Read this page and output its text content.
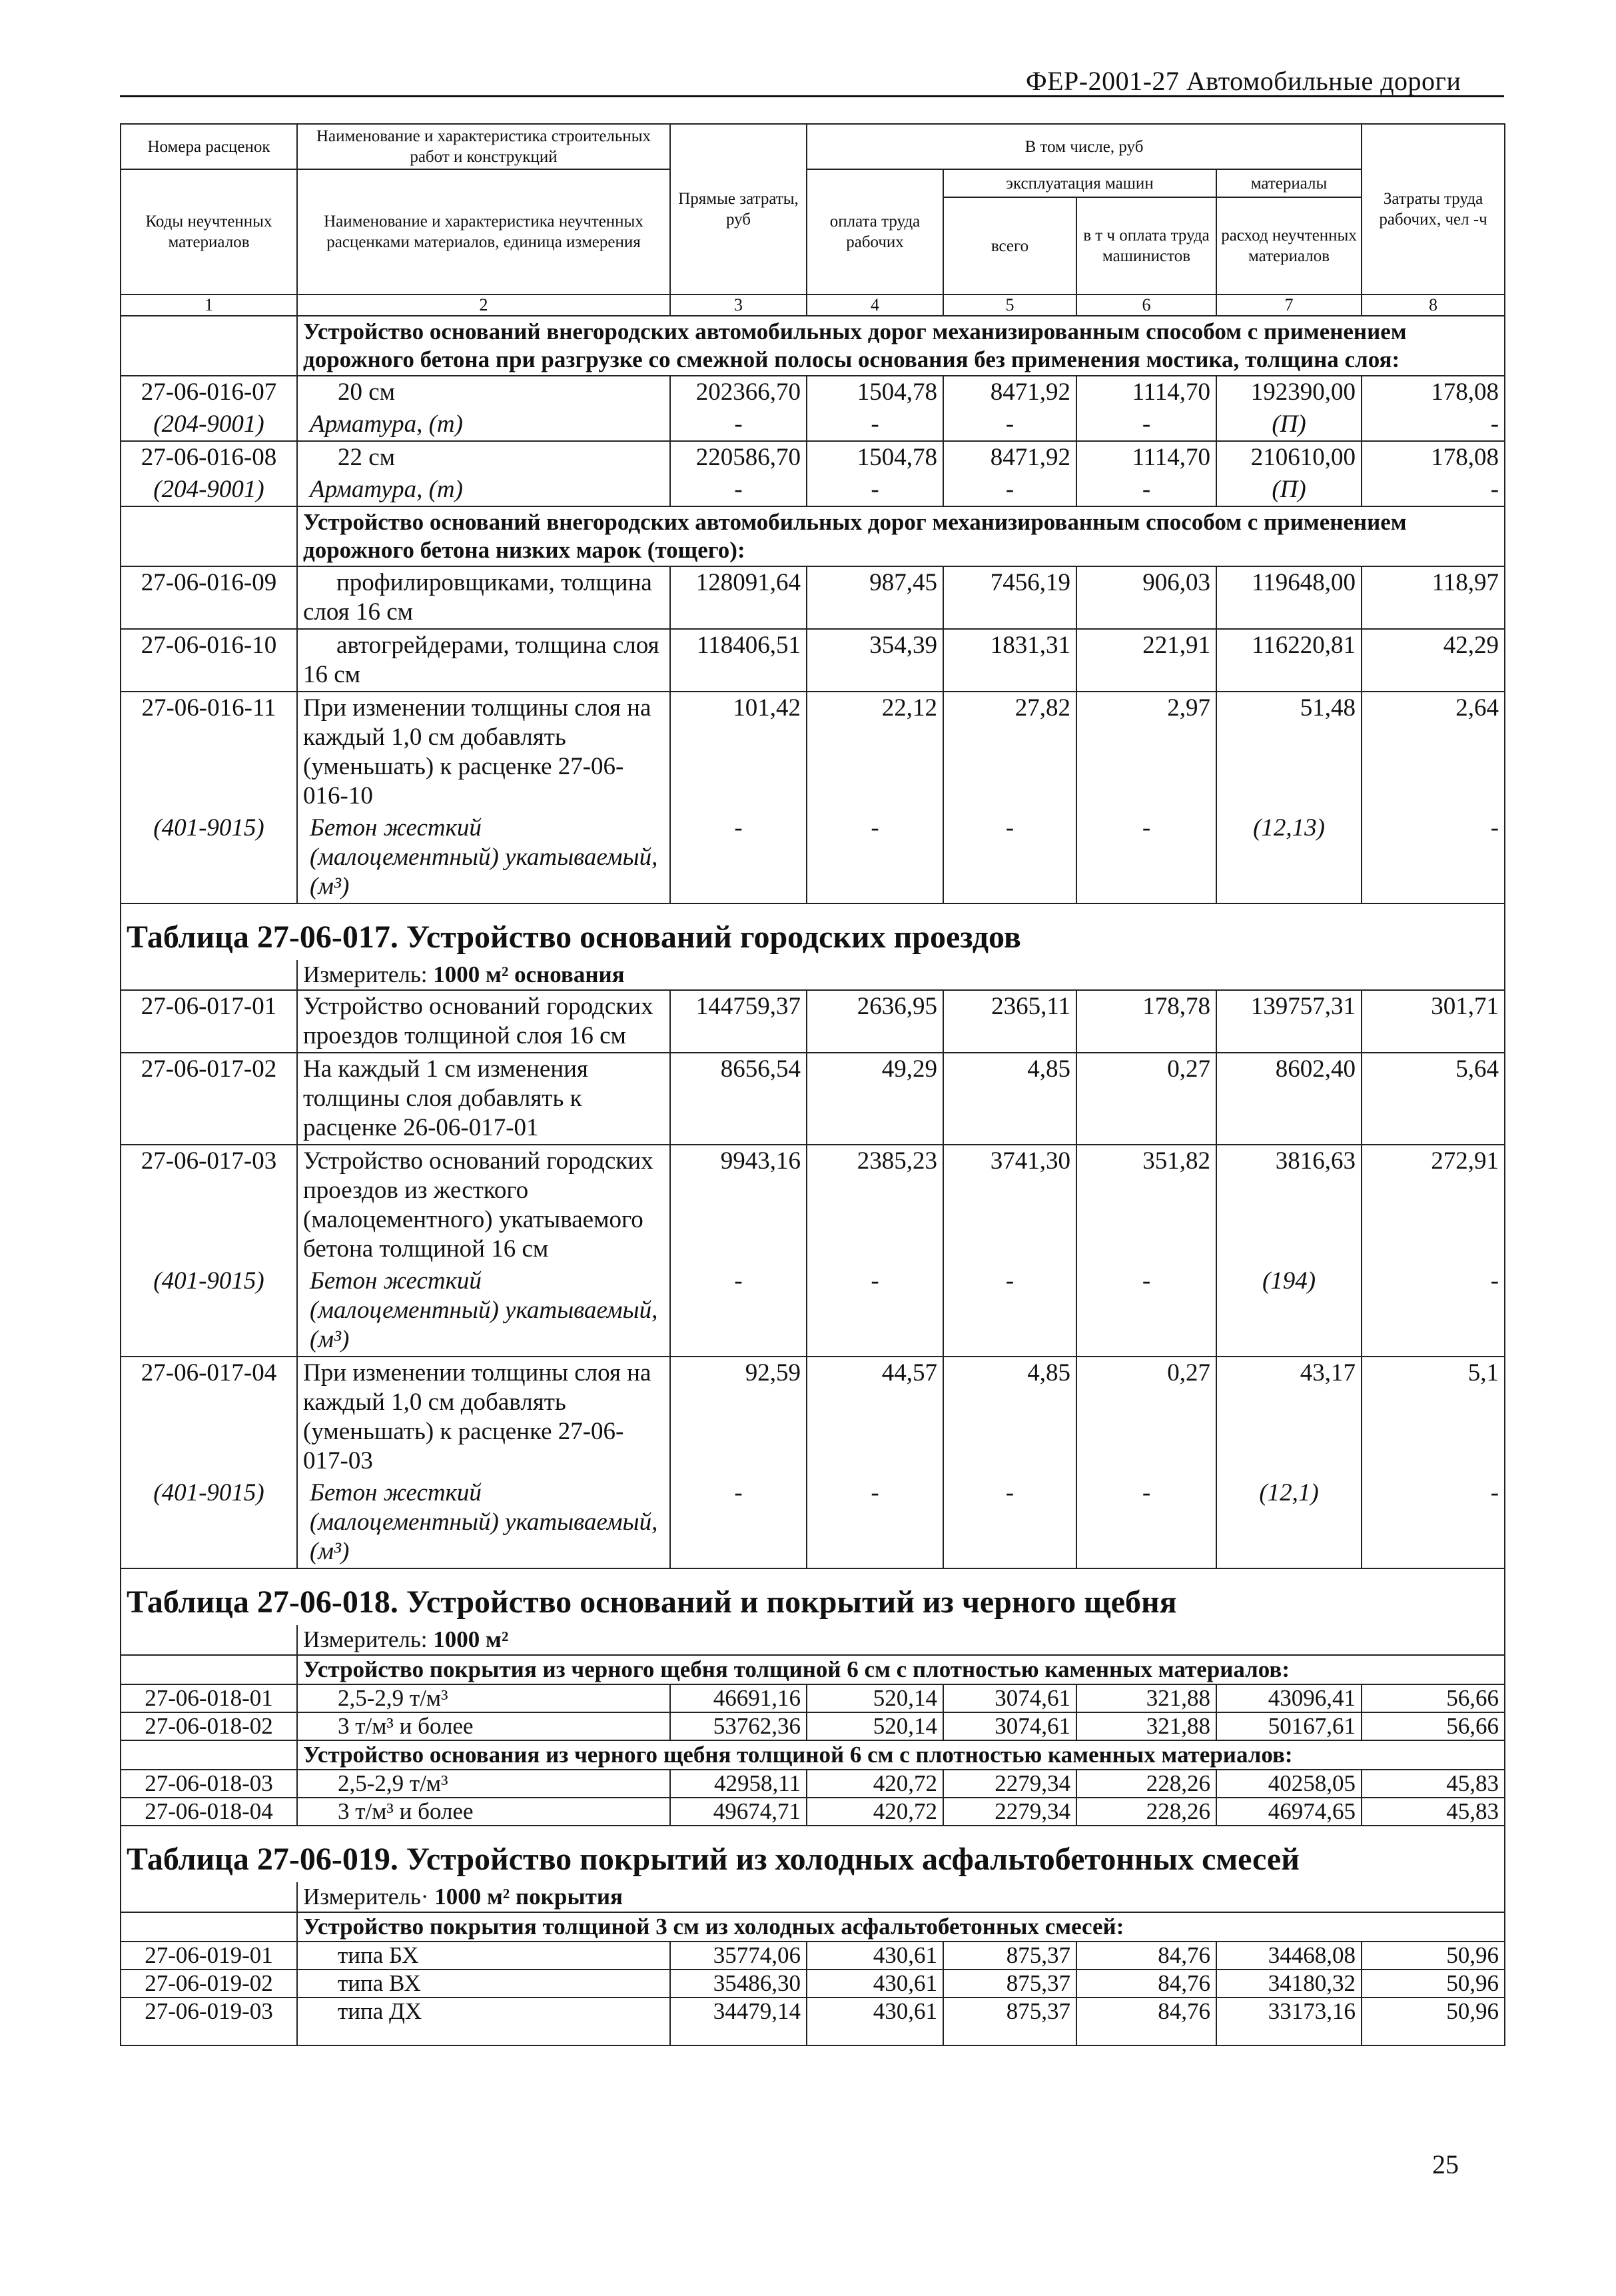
ФЕР-2001-27 Автомобильные дороги
Номера расценок	Наименование и характеристика строительных работ и конструкций	Прямые затраты, руб	В том числе, руб				Затраты труда рабочих, чел -ч
Коды неучтенных материалов	Наименование и характеристика неучтенных расценками материалов, единица измерения		оплата труда рабочих	эксплуатация машин		материалы	
				всего	в т ч оплата труда машинистов	расход неучтенных материалов	
1	2	3	4	5	6	7	8

	Устройство оснований внегородских автомобильных дорог механизированным способом с применением
дорожного бетона при разгрузке со смежной полосы основания без применения мостика, толщина слоя:						

27-06-016-07	20 см	202366,70	1504,78	8471,92	1114,70	192390,00	178,08
(204-9001)	Арматура, (т)	-	-	-	-	(П)	-
27-06-016-08	22 см	220586,70	1504,78	8471,92	1114,70	210610,00	178,08
(204-9001)	Арматура, (т)	-	-	-	-	(П)	-

	Устройство оснований внегородских автомобильных дорог механизированным способом с применением
дорожного бетона низких марок (тощего):						

27-06-016-09	профилировщиками, толщина слоя 16 см	128091,64	987,45	7456,19	906,03	119648,00	118,97
27-06-016-10	автогрейдерами, толщина слоя 16 см	118406,51	354,39	1831,31	221,91	116220,81	42,29
27-06-016-11	При изменении толщины слоя на каждый 1,0 см добавлять (уменьшать) к расценке 27-06-016-10	101,42	22,12	27,82	2,97	51,48	2,64
(401-9015)	Бетон жесткий (малоцементный) укатываемый, (м³)	-	-	-	-	(12,13)	-
Таблица 27-06-017. Устройство оснований городских проездов							
	Измеритель: 1000 м² основания						
27-06-017-01	Устройство оснований городских проездов толщиной слоя 16 см	144759,37	2636,95	2365,11	178,78	139757,31	301,71
27-06-017-02	На каждый 1 см изменения толщины слоя добавлять к расценке 26-06-017-01	8656,54	49,29	4,85	0,27	8602,40	5,64
27-06-017-03	Устройство оснований городских проездов из жесткого (малоцементного) укатываемого бетона толщиной 16 см	9943,16	2385,23	3741,30	351,82	3816,63	272,91
(401-9015)	Бетон жесткий (малоцементный) укатываемый, (м³)	-	-	-	-	(194)	-
27-06-017-04	При изменении толщины слоя на каждый 1,0 см добавлять (уменьшать) к расценке 27-06-017-03	92,59	44,57	4,85	0,27	43,17	5,1
(401-9015)	Бетон жесткий (малоцементный) укатываемый, (м³)	-	-	-	-	(12,1)	-
Таблица 27-06-018. Устройство оснований и покрытий из черного щебня							
	Измеритель: 1000 м²						
	Устройство покрытия из черного щебня толщиной 6 см с плотностью каменных материалов:						
27-06-018-01	2,5-2,9 т/м³	46691,16	520,14	3074,61	321,88	43096,41	56,66
27-06-018-02	3 т/м³ и более	53762,36	520,14	3074,61	321,88	50167,61	56,66
	Устройство основания из черного щебня толщиной 6 см с плотностью каменных материалов:						
27-06-018-03	2,5-2,9 т/м³	42958,11	420,72	2279,34	228,26	40258,05	45,83
27-06-018-04	3 т/м³ и более	49674,71	420,72	2279,34	228,26	46974,65	45,83
Таблица 27-06-019. Устройство покрытий из холодных асфальтобетонных смесей							
	Измеритель· 1000 м² покрытия						
	Устройство покрытия толщиной 3 см из холодных асфальтобетонных смесей:						
27-06-019-01	типа БХ	35774,06	430,61	875,37	84,76	34468,08	50,96
27-06-019-02	типа ВХ	35486,30	430,61	875,37	84,76	34180,32	50,96
27-06-019-03	типа ДХ	34479,14	430,61	875,37	84,76	33173,16	50,96
25
